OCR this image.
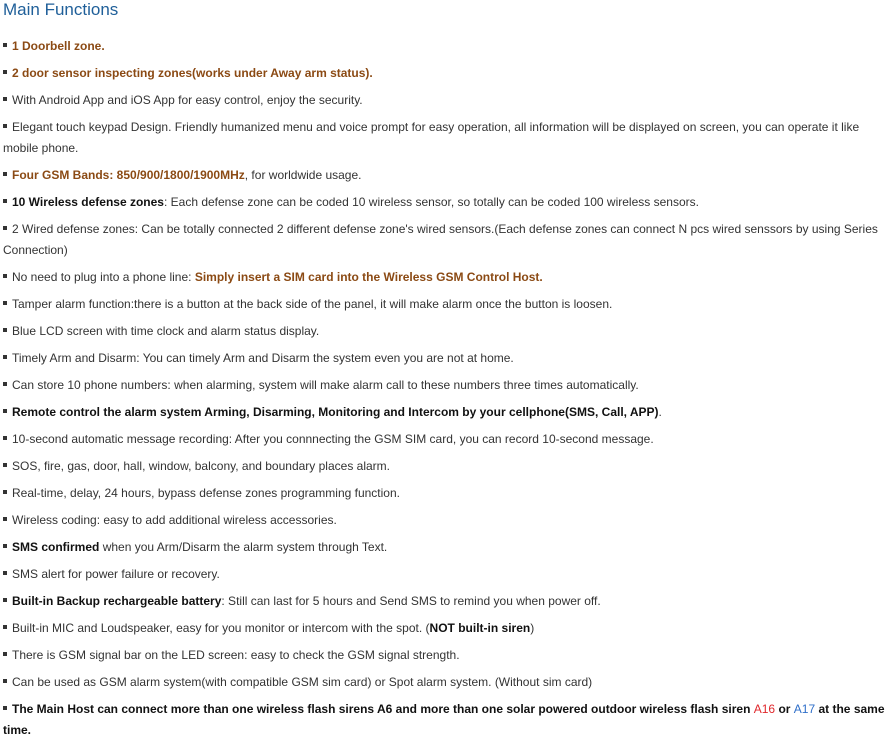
Main Functions
1 Doorbell zone.
2 door sensor inspecting zones(works under Away arm status).
With Android App and iOS App for easy control, enjoy the security.
Elegant touch keypad Design. Friendly humanized menu and voice prompt for easy operation, all information will be displayed on screen, you can operate it like mobile phone.
Four GSM Bands: 850/900/1800/1900MHz, for worldwide usage.
10 Wireless defense zones: Each defense zone can be coded 10 wireless sensor, so totally can be coded 100 wireless sensors.
2 Wired defense zones: Can be totally connected 2 different defense zone's wired sensors.(Each defense zones can connect N pcs wired senssors by using Series Connection)
No need to plug into a phone line: Simply insert a SIM card into the Wireless GSM Control Host.
Tamper alarm function:there is a button at the back side of the panel, it will make alarm once the button is loosen.
Blue LCD screen with time clock and alarm status display.
Timely Arm and Disarm: You can timely Arm and Disarm the system even you are not at home.
Can store 10 phone numbers: when alarming, system will make alarm call to these numbers three times automatically.
Remote control the alarm system Arming, Disarming, Monitoring and Intercom by your cellphone(SMS, Call, APP).
10-second automatic message recording: After you connnecting the GSM SIM card, you can record 10-second message.
SOS, fire, gas, door, hall, window, balcony, and boundary places alarm.
Real-time, delay, 24 hours, bypass defense zones programming function.
Wireless coding: easy to add additional wireless accessories.
SMS confirmed when you Arm/Disarm the alarm system through Text.
SMS alert for power failure or recovery.
Built-in Backup rechargeable battery: Still can last for 5 hours and Send SMS to remind you when power off.
Built-in MIC and Loudspeaker, easy for you monitor or intercom with the spot. (NOT built-in siren)
There is GSM signal bar on the LED screen: easy to check the GSM signal strength.
Can be used as GSM alarm system(with compatible GSM sim card) or Spot alarm system. (Without sim card)
The Main Host can connect more than one wireless flash sirens A6 and more than one solar powered outdoor wireless flash siren A16 or A17 at the same time.
